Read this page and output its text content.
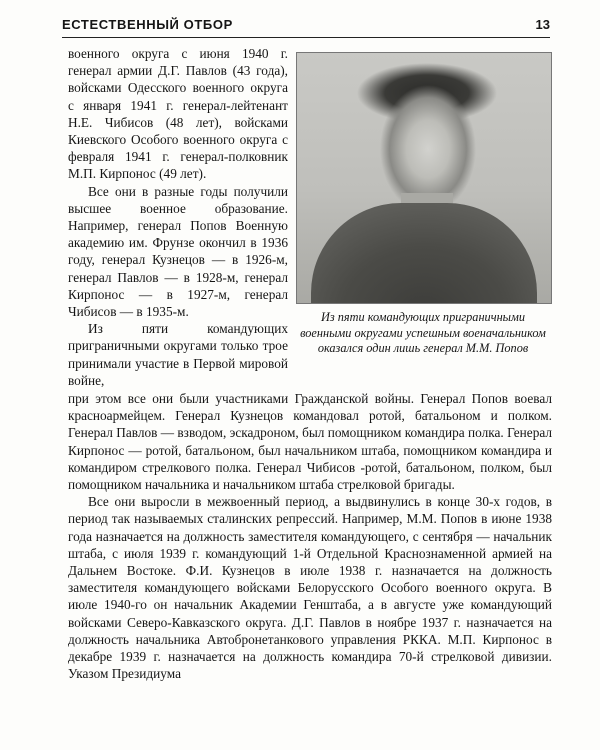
ЕСТЕСТВЕННЫЙ ОТБОР	13

военного округа с июня 1940 г. генерал армии Д.Г. Павлов (43 года), войсками Одесского военного округа с января 1941 г. генерал-лейтенант Н.Е. Чибисов (48 лет), войсками Киевского Особого военного округа с февраля 1941 г. генерал-полковник М.П. Кирпонос (49 лет).

Все они в разные годы получили высшее военное образование. Например, генерал Попов Военную академию им. Фрунзе окончил в 1936 году, генерал Кузнецов — в 1926-м, генерал Павлов — в 1928-м, генерал Кирпонос — в 1927-м, генерал Чибисов — в 1935-м.

Из пяти командующих приграничными округами только трое принимали участие в Первой мировой войне,

Из пяти командующих приграничными военными округами успешным военачальником оказался один лишь генерал М.М. Попов

при этом все они были участниками Гражданской войны. Генерал Попов воевал красноармейцем. Генерал Кузнецов командовал ротой, батальоном и полком. Генерал Павлов — взводом, эскадроном, был помощником командира полка. Генерал Кирпонос — ротой, батальоном, был начальником штаба, помощником командира и командиром стрелкового полка. Генерал Чибисов -ротой, батальоном, полком, был помощником начальника и начальником штаба стрелковой бригады.

Все они выросли в межвоенный период, а выдвинулись в конце 30-х годов, в период так называемых сталинских репрессий. Например, М.М. Попов в июне 1938 года назначается на должность заместителя командующего, с сентября — начальник штаба, с июля 1939 г. командующий 1-й Отдельной Краснознаменной армией на Дальнем Востоке. Ф.И. Кузнецов в июле 1938 г. назначается на должность заместителя командующего войсками Белорусского Особого военного округа. В июле 1940-го он начальник Академии Генштаба, а в августе уже командующий войсками Северо-Кавказского округа. Д.Г. Павлов в ноябре 1937 г. назначается на должность начальника Автобронетанкового управления РККА. М.П. Кирпонос в декабре 1939 г. назначается на должность командира 70-й стрелковой дивизии. Указом Президиума
